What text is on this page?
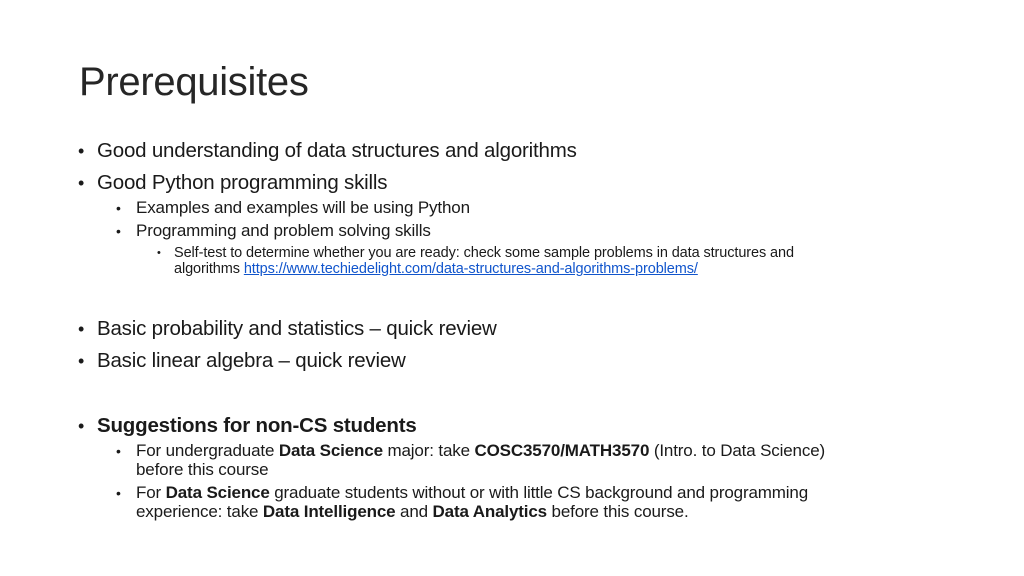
Prerequisites
• Good understanding of data structures and algorithms
• Good Python programming skills
• Examples and examples will be using Python
• Programming and problem solving skills
• Self-test to determine whether you are ready: check some sample problems in data structures and
algorithms https://www.techiedelight.com/data-structures-and-algorithms-problems/
• Basic probability and statistics – quick review
• Basic linear algebra – quick review
• Suggestions for non-CS students
• For undergraduate Data Science major: take COSC3570/MATH3570 (Intro. to Data Science)
before this course
• For Data Science graduate students without or with little CS background and programming
experience: take Data Intelligence and Data Analytics before this course.
